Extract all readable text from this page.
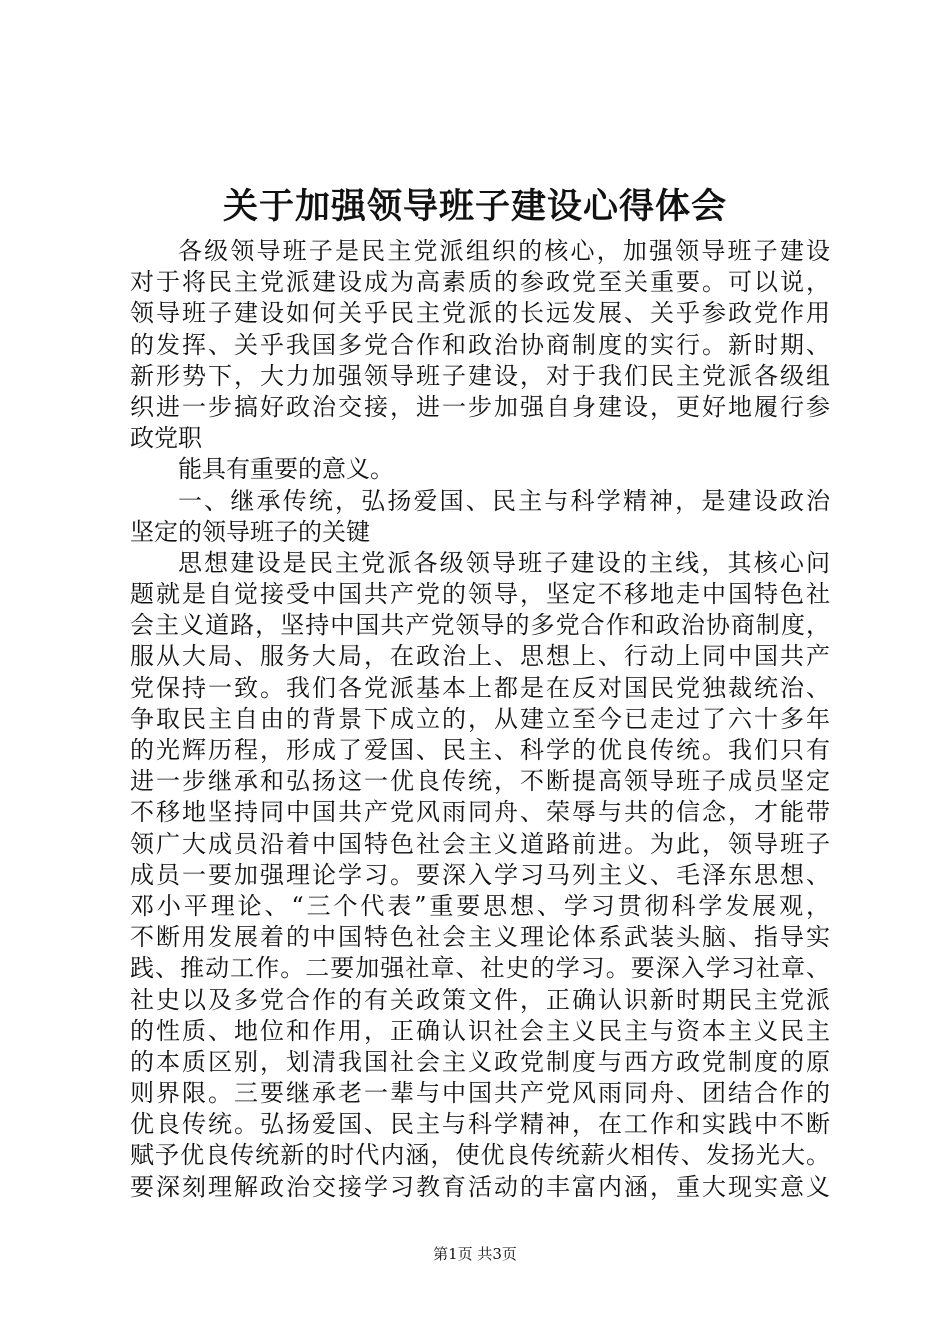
关于加强领导班子建设心得体会
各级领导班子是民主党派组织的核心，加强领导班子建设
对于将民主党派建设成为高素质的参政党至关重要。可以说，
领导班子建设如何关乎民主党派的长远发展、关乎参政党作用
的发挥、关乎我国多党合作和政治协商制度的实行。新时期、
新形势下，大力加强领导班子建设，对于我们民主党派各级组
织进一步搞好政治交接，进一步加强自身建设，更好地履行参
政党职
能具有重要的意义。
一、继承传统，弘扬爱国、民主与科学精神，是建设政治
坚定的领导班子的关键
思想建设是民主党派各级领导班子建设的主线，其核心问
题就是自觉接受中国共产党的领导，坚定不移地走中国特色社
会主义道路，坚持中国共产党领导的多党合作和政治协商制度，
服从大局、服务大局，在政治上、思想上、行动上同中国共产
党保持一致。我们各党派基本上都是在反对国民党独裁统治、
争取民主自由的背景下成立的，从建立至今已走过了六十多年
的光辉历程，形成了爱国、民主、科学的优良传统。我们只有
进一步继承和弘扬这一优良传统，不断提高领导班子成员坚定
不移地坚持同中国共产党风雨同舟、荣辱与共的信念，才能带
领广大成员沿着中国特色社会主义道路前进。为此，领导班子
成员一要加强理论学习。要深入学习马列主义、毛泽东思想、
邓小平理论、“三个代表”重要思想、学习贯彻科学发展观，
不断用发展着的中国特色社会主义理论体系武装头脑、指导实
践、推动工作。二要加强社章、社史的学习。要深入学习社章、
社史以及多党合作的有关政策文件，正确认识新时期民主党派
的性质、地位和作用，正确认识社会主义民主与资本主义民主
的本质区别，划清我国社会主义政党制度与西方政党制度的原
则界限。三要继承老一辈与中国共产党风雨同舟、团结合作的
优良传统。弘扬爱国、民主与科学精神，在工作和实践中不断
赋予优良传统新的时代内涵，使优良传统薪火相传、发扬光大。
要深刻理解政治交接学习教育活动的丰富内涵，重大现实意义
第1页 共3页
